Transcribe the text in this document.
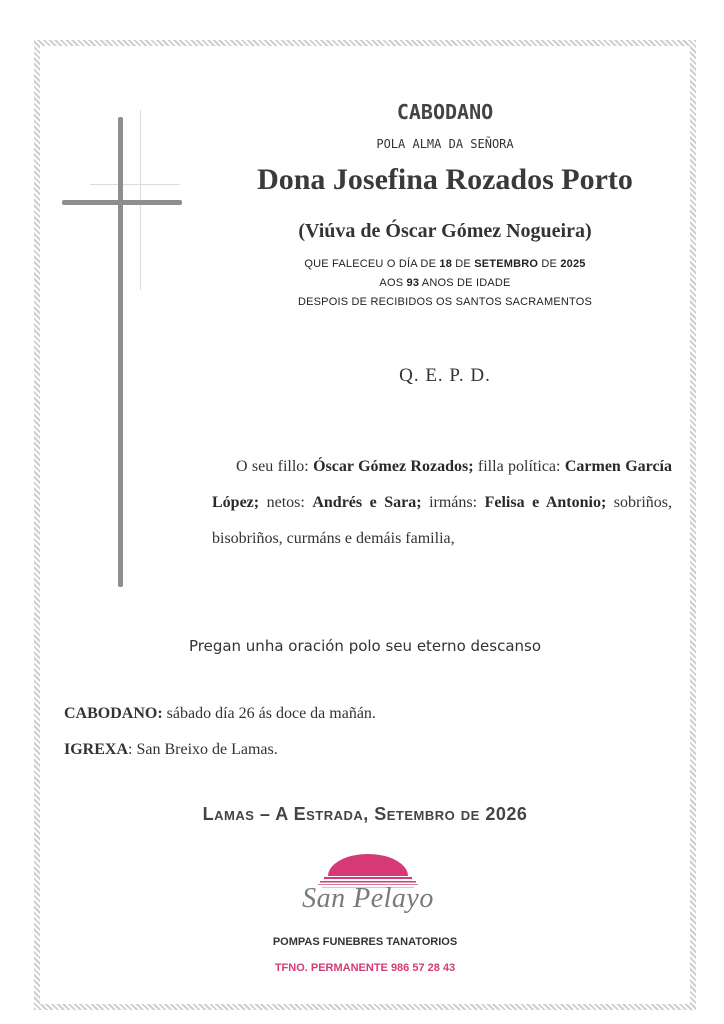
CABODANO

POLA ALMA DA SEÑORA

Dona Josefina Rozados Porto

(Viúva de Óscar Gómez Nogueira)

QUE FALECEU O DÍA DE 18 DE SETEMBRO DE 2025

AOS 93 ANOS DE IDADE

DESPOIS DE RECIBIDOS OS SANTOS SACRAMENTOS

Q. E. P. D.

O seu fillo: Óscar Gómez Rozados; filla política: Carmen García López; netos: Andrés e Sara; irmáns: Felisa e Antonio; sobriños, bisobriños, curmáns e demáis familia,

Pregan unha oración polo seu eterno descanso

CABODANO: sábado día 26 ás doce da mañán.

IGREXA: San Breixo de Lamas.

Lamas – A Estrada, Setembro de 2026

San Pelayo

POMPAS FUNEBRES TANATORIOS

TFNO. PERMANENTE 986 57 28 43
